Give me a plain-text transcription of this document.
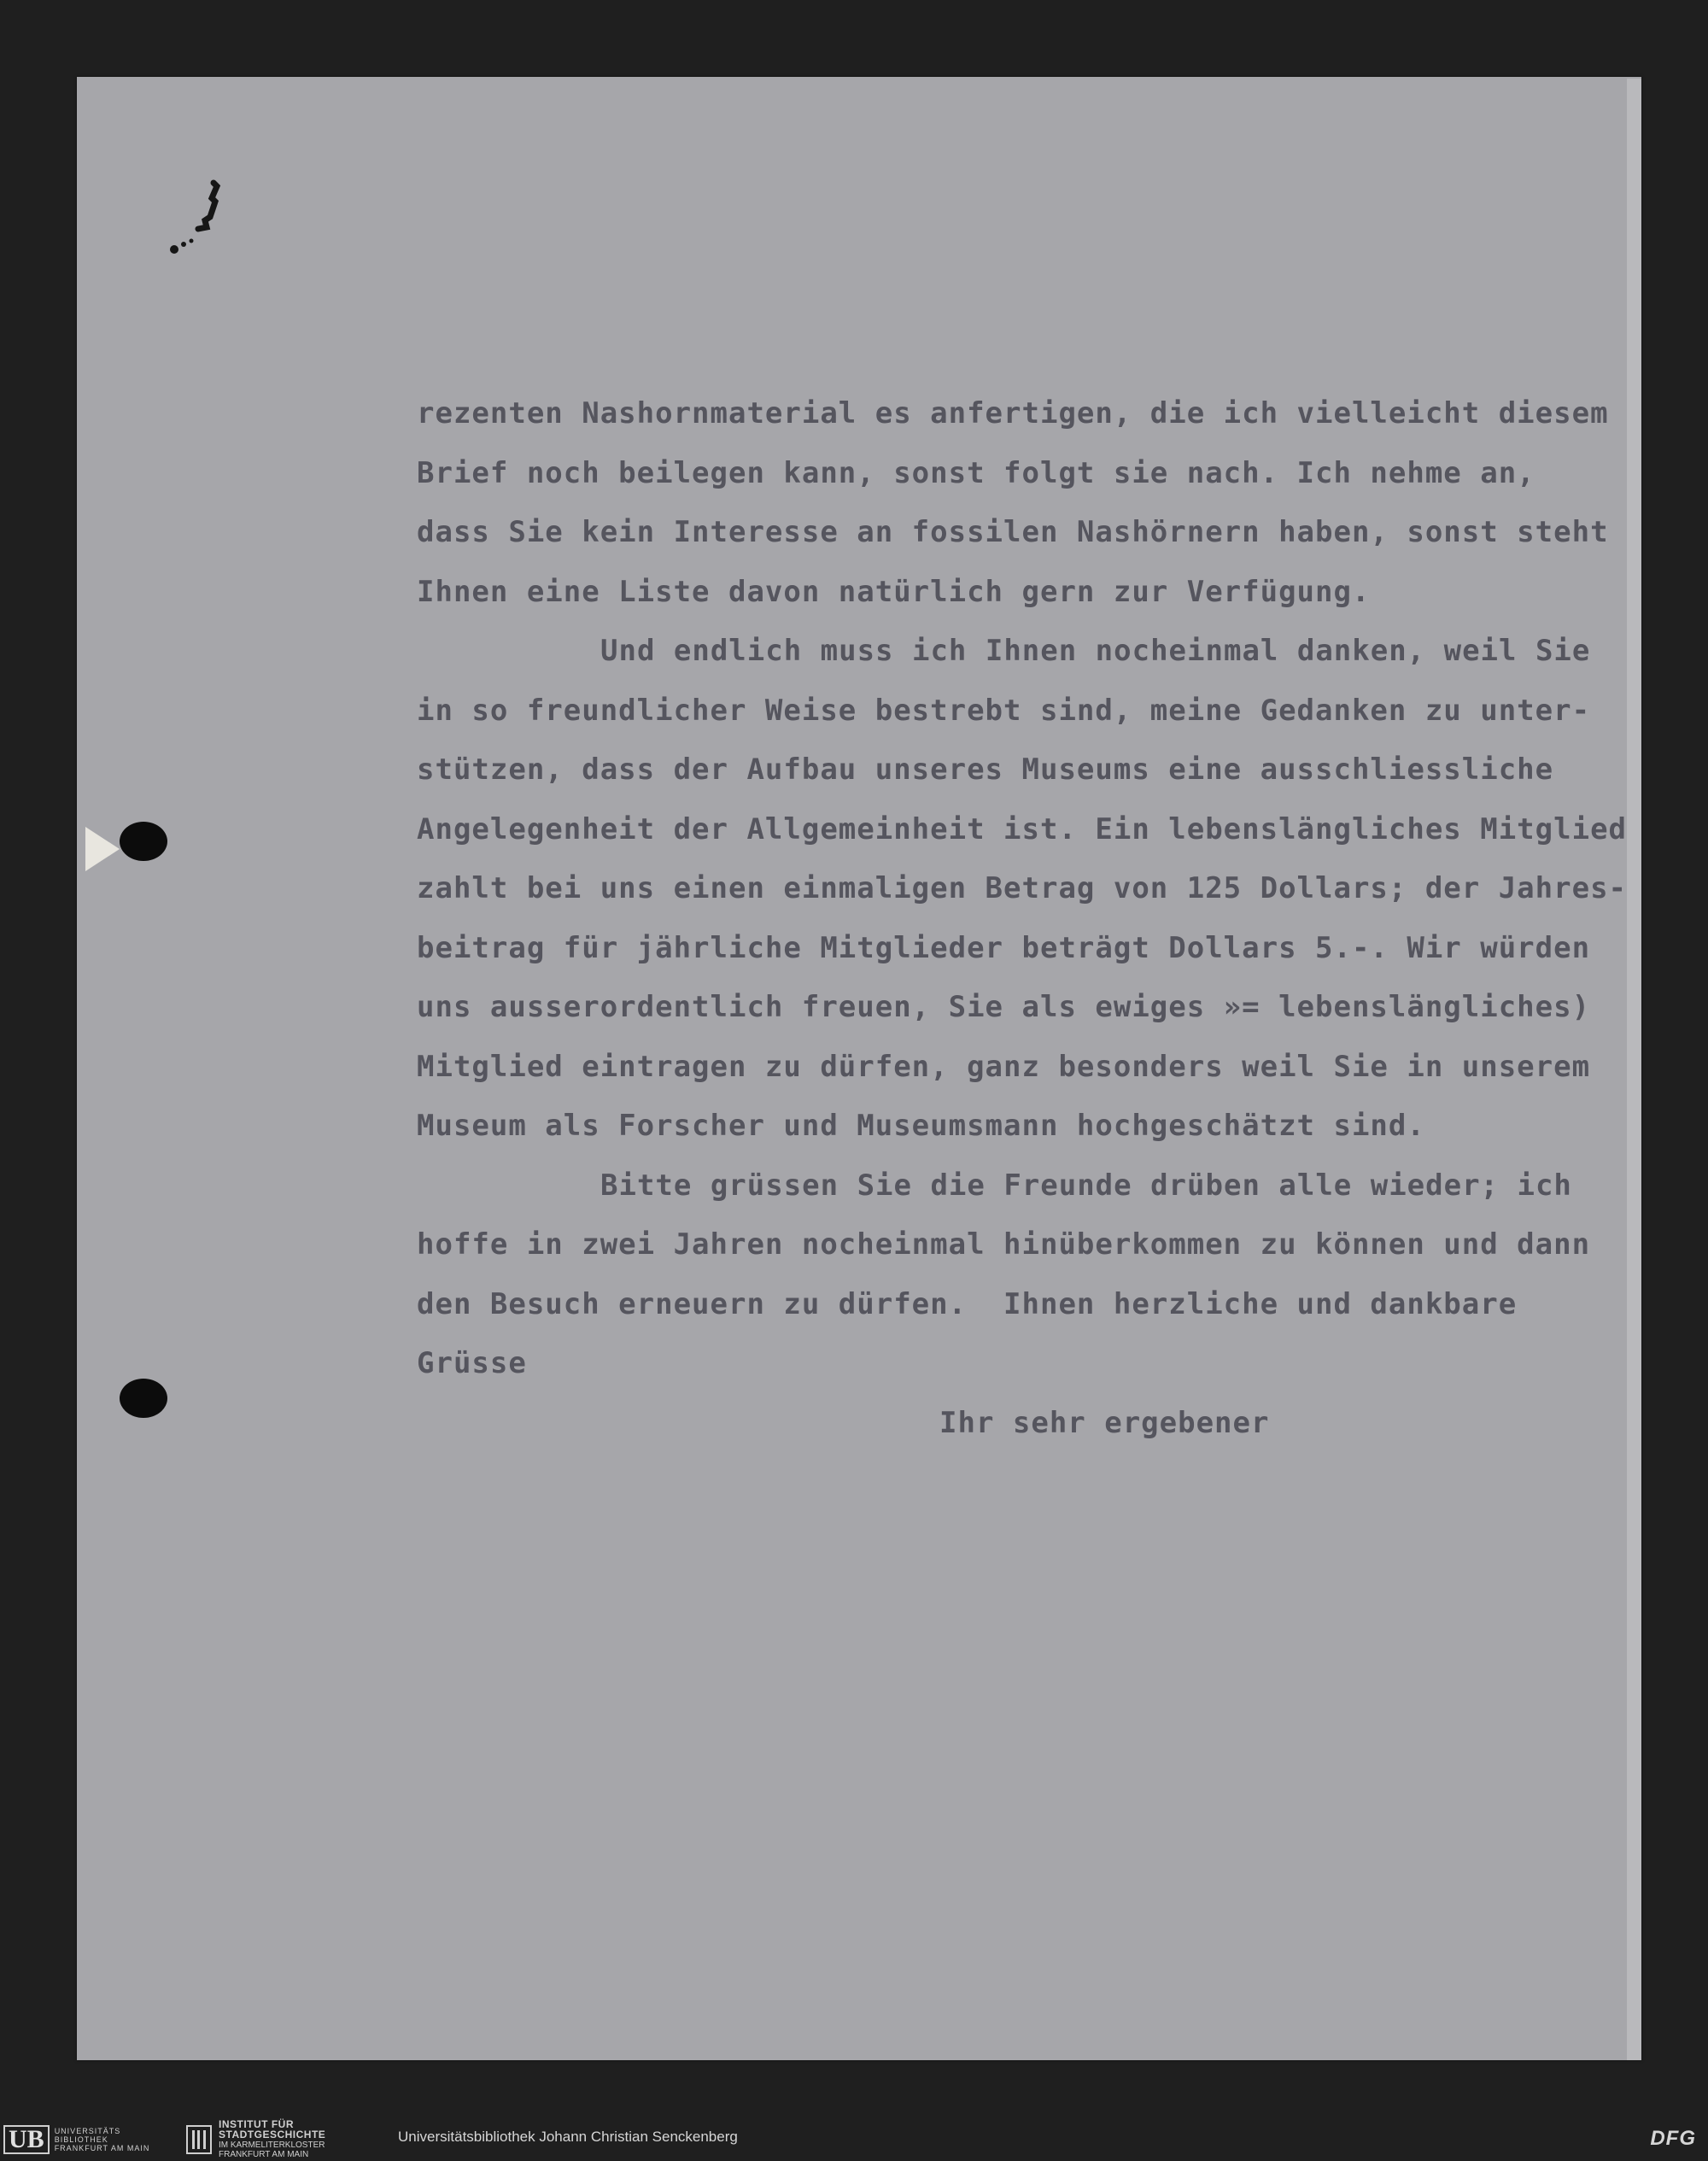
rezenten Nashornmaterial es anfertigen, die ich vielleicht diesem
Brief noch beilegen kann, sonst folgt sie nach. Ich nehme an,
dass Sie kein Interesse an fossilen Nashörnern haben, sonst steht
Ihnen eine Liste davon natürlich gern zur Verfügung.
Und endlich muss ich Ihnen nocheinmal danken, weil Sie
in so freundlicher Weise bestrebt sind, meine Gedanken zu unter-
stützen, dass der Aufbau unseres Museums eine ausschliessliche
Angelegenheit der Allgemeinheit ist. Ein lebenslängliches Mitglied
zahlt bei uns einen einmaligen Betrag von 125 Dollars; der Jahres-
beitrag für jährliche Mitglieder beträgt Dollars 5.-. Wir würden
uns ausserordentlich freuen, Sie als ewiges »= lebenslängliches)
Mitglied eintragen zu dürfen, ganz besonders weil Sie in unserem
Museum als Forscher und Museumsmann hochgeschätzt sind.
Bitte grüssen Sie die Freunde drüben alle wieder; ich
hoffe in zwei Jahren nocheinmal hinüberkommen zu können und dann
den Besuch erneuern zu dürfen.  Ihnen herzliche und dankbare
Grüsse
Ihr sehr ergebener
UB	UNIVERSITÄTS
BIBLIOTHEK
FRANKFURT AM MAIN
INSTITUT FÜR
STADTGESCHICHTE
IM KARMELITERKLOSTER
FRANKFURT AM MAIN
Universitätsbibliothek Johann Christian Senckenberg	DFG
